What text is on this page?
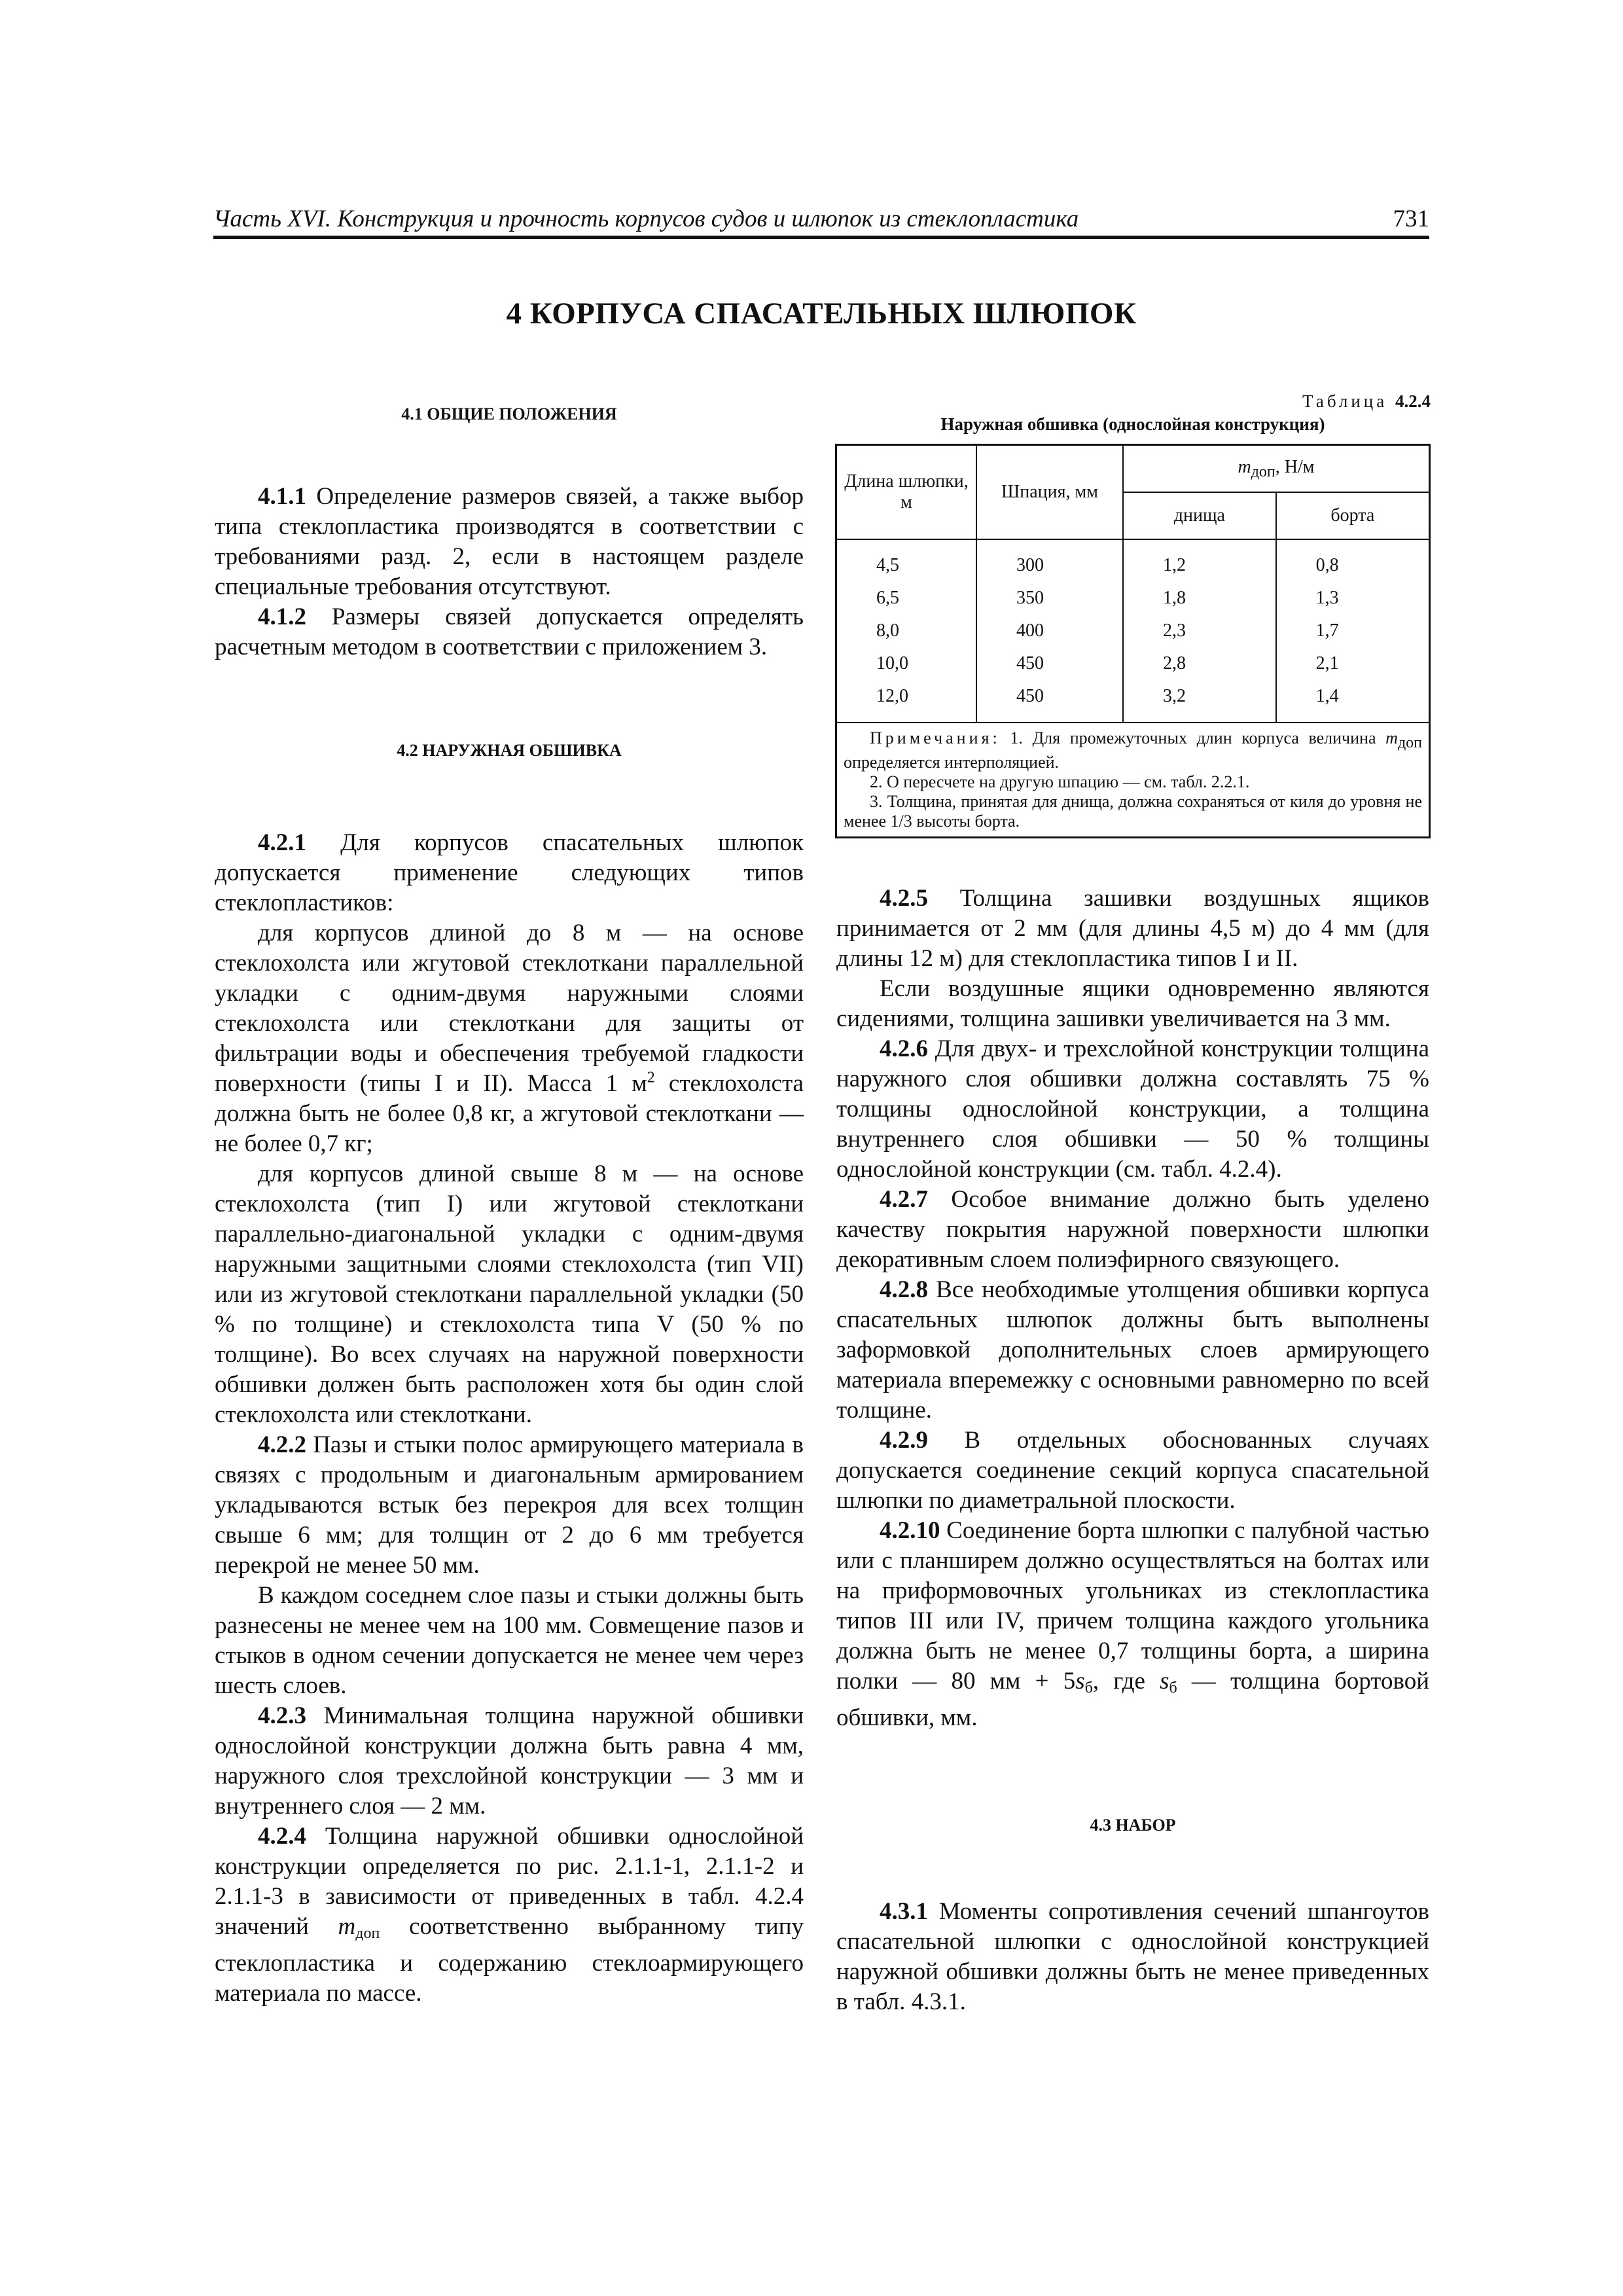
Часть XVI. Конструкция и прочность корпусов судов и шлюпок из стеклопластика	731
4 КОРПУСА СПАСАТЕЛЬНЫХ ШЛЮПОК

4.1 ОБЩИЕ ПОЛОЖЕНИЯ

4.1.1 Определение размеров связей, а также выбор типа стеклопластика производятся в соответствии с требованиями разд. 2, если в настоящем разделе специальные требования отсутствуют.

4.1.2 Размеры связей допускается определять расчетным методом в соответствии с приложением 3.

4.2 НАРУЖНАЯ ОБШИВКА

4.2.1 Для корпусов спасательных шлюпок допускается применение следующих типов стеклопластиков:

для корпусов длиной до 8 м — на основе стеклохолста или жгутовой стеклоткани параллельной укладки с одним-двумя наружными слоями стеклохолста или стеклоткани для защиты от фильтрации воды и обеспечения требуемой гладкости поверхности (типы I и II). Масса 1 $м^2$ стеклохолста должна быть не более 0,8 кг, а жгутовой стеклоткани — не более 0,7 кг;

для корпусов длиной свыше 8 м — на основе стеклохолста (тип I) или жгутовой стеклоткани параллельно-диагональной укладки с одним-двумя наружными защитными слоями стеклохолста (тип VII) или из жгутовой стеклоткани параллельной укладки (50 % по толщине) и стеклохолста типа V (50 % по толщине). Во всех случаях на наружной поверхности обшивки должен быть расположен хотя бы один слой стеклохолста или стеклоткани.

4.2.2 Пазы и стыки полос армирующего материала в связях с продольным и диагональным армированием укладываются встык без перекроя для всех толщин свыше 6 мм; для толщин от 2 до 6 мм требуется перекрой не менее 50 мм.

В каждом соседнем слое пазы и стыки должны быть разнесены не менее чем на 100 мм. Совмещение пазов и стыков в одном сечении допускается не менее чем через шесть слоев.

4.2.3 Минимальная толщина наружной обшивки однослойной конструкции должна быть равна 4 мм, наружного слоя трехслойной конструкции — 3 мм и внутреннего слоя — 2 мм.

4.2.4 Толщина наружной обшивки однослойной конструкции определяется по рис. 2.1.1-1, 2.1.1-2 и 2.1.1-3 в зависимости от приведенных в табл. 4.2.4 значений $m_{доп}$ соответственно выбранному типу стеклопластика и содержанию стеклоармирующего материала по массе.

Таблица 4.2.4
Наружная обшивка (однослойная конструкция)
Длина шлюпки, м	Шпация, мм	mдоп, Н/м	
		днища	борта
4,5	300	1,2	0,8
6,5	350	1,8	1,3
8,0	400	2,3	1,7
10,0	450	2,8	2,1
12,0	450	3,2	1,4

Примечания: 1. Для промежуточных длин корпуса величина mдоп определяется интерполяцией.

2. О пересчете на другую шпацию — см. табл. 2.2.1.

3. Толщина, принятая для днища, должна сохраняться от киля до уровня не менее 1/3 высоты борта.			

4.2.5 Толщина зашивки воздушных ящиков принимается от 2 мм (для длины 4,5 м) до 4 мм (для длины 12 м) для стеклопластика типов I и II.

Если воздушные ящики одновременно являются сидениями, толщина зашивки увеличивается на 3 мм.

4.2.6 Для двух- и трехслойной конструкции толщина наружного слоя обшивки должна составлять 75 % толщины однослойной конструкции, а толщина внутреннего слоя обшивки — 50 % толщины однослойной конструкции (см. табл. 4.2.4).

4.2.7 Особое внимание должно быть уделено качеству покрытия наружной поверхности шлюпки декоративным слоем полиэфирного связующего.

4.2.8 Все необходимые утолщения обшивки корпуса спасательных шлюпок должны быть выполнены заформовкой дополнительных слоев армирующего материала вперемежку с основными равномерно по всей толщине.

4.2.9 В отдельных обоснованных случаях допускается соединение секций корпуса спасательной шлюпки по диаметральной плоскости.

4.2.10 Соединение борта шлюпки с палубной частью или с планширем должно осуществляться на болтах или на приформовочных угольниках из стеклопластика типов III или IV, причем толщина каждого угольника должна быть не менее 0,7 толщины борта, а ширина полки — 80 мм + $5s_б$, где $s_б$ — толщина бортовой обшивки, мм.

4.3 НАБОР

4.3.1 Моменты сопротивления сечений шпангоутов спасательной шлюпки с однослойной конструкцией наружной обшивки должны быть не менее приведенных в табл. 4.3.1.
